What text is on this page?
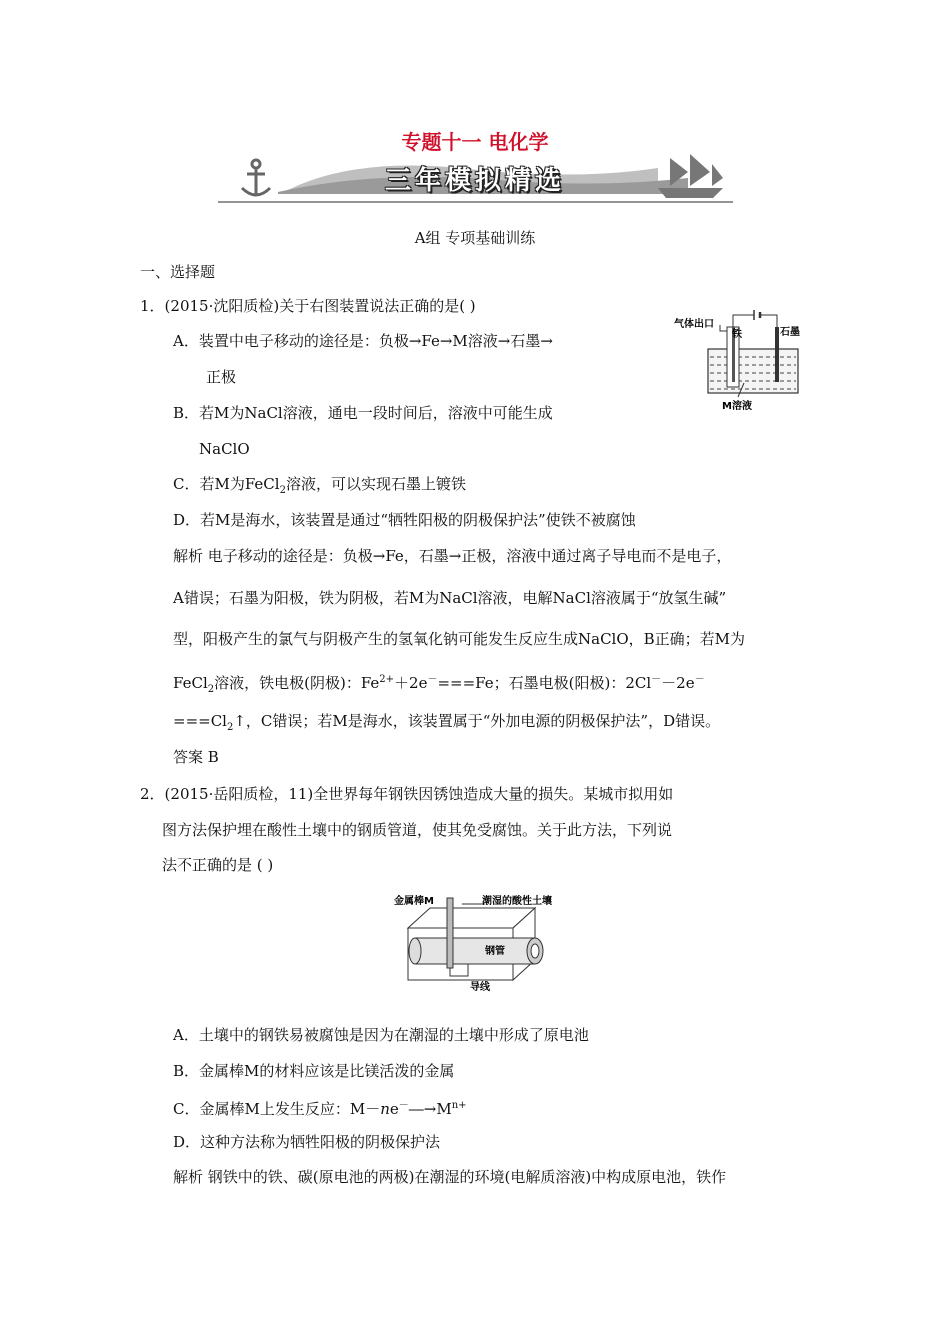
专题十一 电化学
三年模拟精选
A组 专项基础训练
一、选择题
1．(2015·沈阳质检)关于右图装置说法正确的是( )
A．装置中电子移动的途径是：负极→Fe→M溶液→石墨→
正极
B．若M为NaCl溶液，通电一段时间后，溶液中可能生成
NaClO
C．若M为FeCl$_2$溶液，可以实现石墨上镀铁
D．若M是海水，该装置是通过“牺牲阳极的阴极保护法”使铁不被腐蚀
气体出口
铁	石墨
M溶液
解析 电子移动的途径是：负极→Fe，石墨→正极，溶液中通过离子导电而不是电子，
A错误；石墨为阳极，铁为阴极，若M为NaCl溶液，电解NaCl溶液属于“放氢生碱”
型，阳极产生的氯气与阴极产生的氢氧化钠可能发生反应生成NaClO，B正确；若M为
FeCl$_2$溶液，铁电极(阴极)：$Fe^{2+}+2e^-===Fe$；石墨电极(阳极)：2Cl－－2e－
$===Cl_2↑$，C错误；若M是海水，该装置属于“外加电源的阴极保护法”，D错误。
答案 B
2．(2015·岳阳质检，11)全世界每年钢铁因锈蚀造成大量的损失。某城市拟用如
图方法保护埋在酸性土壤中的钢质管道，使其免受腐蚀。关于此方法，下列说
法不正确的是 ( )
金属棒M	潮湿的酸性土壤
钢管
导线
A．土壤中的钢铁易被腐蚀是因为在潮湿的土壤中形成了原电池
B．金属棒M的材料应该是比镁活泼的金属
C．金属棒M上发生反应：$M-ne^-―\to M^{n+}$
D．这种方法称为牺牲阳极的阴极保护法
解析 钢铁中的铁、碳(原电池的两极)在潮湿的环境(电解质溶液)中构成原电池，铁作
